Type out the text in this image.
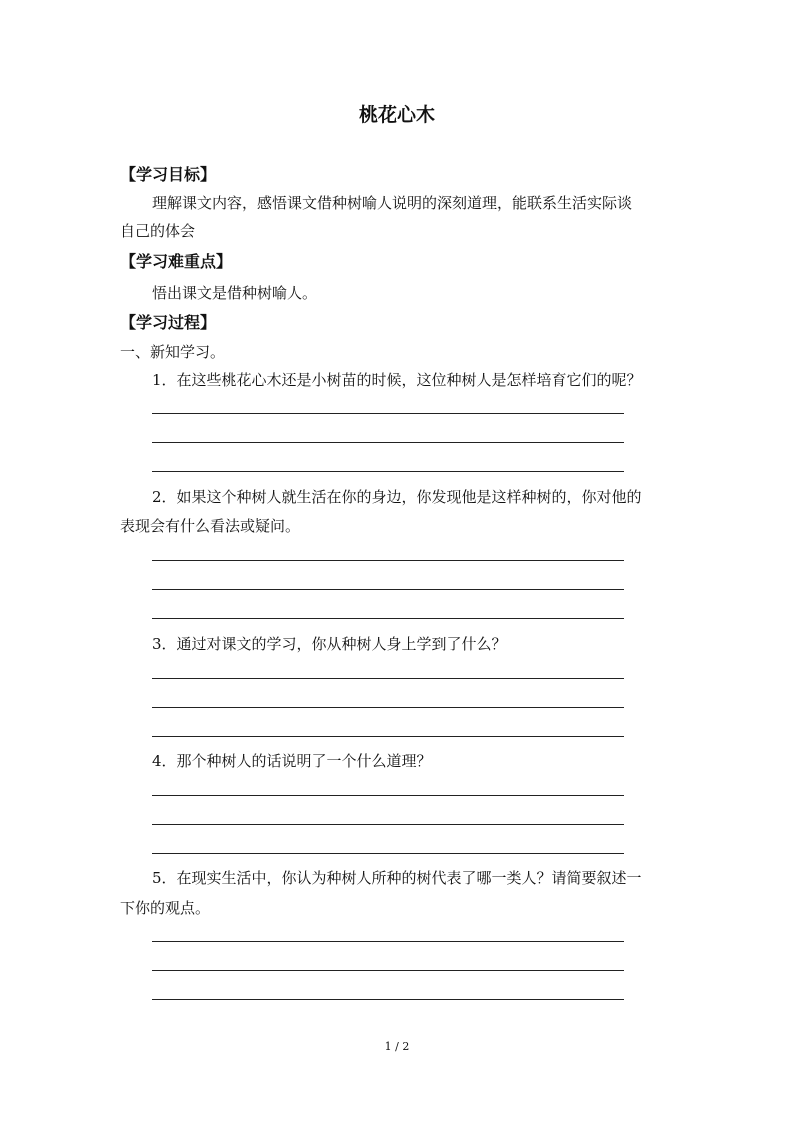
桃花心木
【学习目标】
理解课文内容，感悟课文借种树喻人说明的深刻道理，能联系生活实际谈
自己的体会
【学习难重点】
悟出课文是借种树喻人。
【学习过程】
一、新知学习。
1．在这些桃花心木还是小树苗的时候，这位种树人是怎样培育它们的呢？
2．如果这个种树人就生活在你的身边，你发现他是这样种树的，你对他的
表现会有什么看法或疑问。
3．通过对课文的学习，你从种树人身上学到了什么？
4．那个种树人的话说明了一个什么道理？
5．在现实生活中，你认为种树人所种的树代表了哪一类人？请简要叙述一
下你的观点。
1 / 2
